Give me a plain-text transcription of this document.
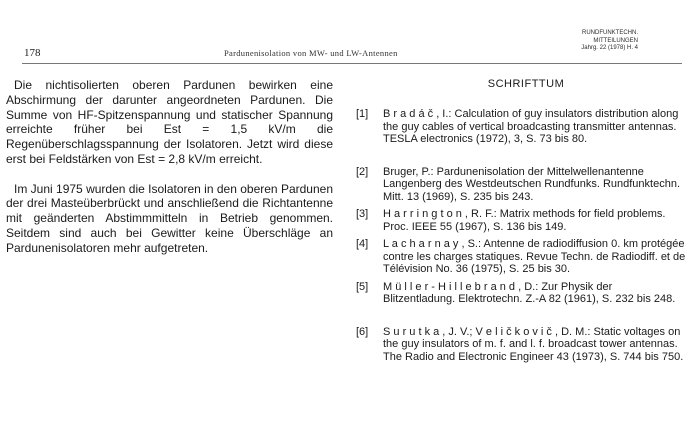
178	Pardunenisolation von MW- und LW-Antennen
RUNDFUNKTECHN.
MITTEILUNGEN
Jahrg. 22 (1978) H. 4

Die nichtisolierten oberen Pardunen bewirken eine Abschirmung der darunter angeordneten Pardunen. Die Summe von HF-Spitzenspannung und statischer Spannung erreichte früher bei Est = 1,5 kV/m die Regenüberschlagsspannung der Isolatoren. Jetzt wird diese erst bei Feldstärken von Est = 2,8 kV/m erreicht.

Im Juni 1975 wurden die Isolatoren in den oberen Pardunen der drei Masteüberbrückt und anschließend die Richtantenne mit geänderten Abstimmmitteln in Betrieb genommen. Seitdem sind auch bei Gewitter keine Überschläge an Pardunenisolatoren mehr aufgetreten.

SCHRIFTTUM
[1] B r a d á č , I.: Calculation of guy insulators distribution along the guy cables of vertical broadcasting transmitter antennas. TESLA electronics (1972), 3, S. 73 bis 80.
[2] Bruger, P.: Pardunenisolation der Mittelwellenantenne Langenberg des Westdeutschen Rundfunks. Rundfunktechn. Mitt. 13 (1969), S. 235 bis 243.
[3] H a r r i n g t o n , R. F.: Matrix methods for field problems. Proc. IEEE 55 (1967), S. 136 bis 149.
[4] L a c h a r n a y , S.: Antenne de radiodiffusion 0. km protégée contre les charges statiques. Revue Techn. de Radiodiff. et de Télévision No. 36 (1975), S. 25 bis 30.
[5] M ü l l e r - H i l l e b r a n d , D.: Zur Physik der Blitzentladung. Elektrotechn. Z.-A 82 (1961), S. 232 bis 248.
[6] S u r u t k a , J. V.; V e l i č k o v i č , D. M.: Static voltages on the guy insulators of m. f. and l. f. broadcast tower antennas. The Radio and Electronic Engineer 43 (1973), S. 744 bis 750.
